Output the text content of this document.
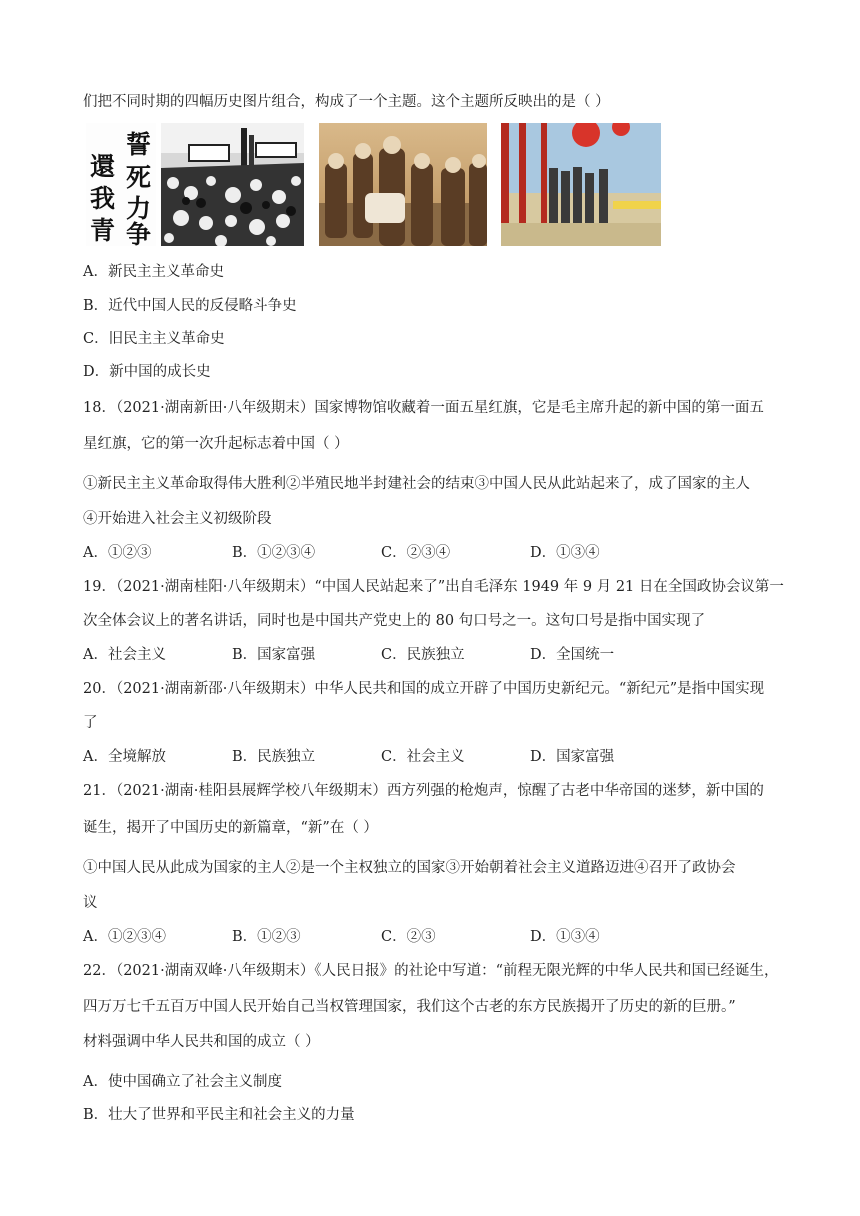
们把不同时期的四幅历史图片组合，构成了一个主题。这个主题所反映出的是（ ）
誓
死
力
争
還
我
青
A．新民主主义革命史
B．近代中国人民的反侵略斗争史
C．旧民主主义革命史
D．新中国的成长史
18．（2021·湖南新田·八年级期末）国家博物馆收藏着一面五星红旗，它是毛主席升起的新中国的第一面五
星红旗，它的第一次升起标志着中国（ ）
①新民主主义革命取得伟大胜利②半殖民地半封建社会的结束③中国人民从此站起来了，成了国家的主人
④开始进入社会主义初级阶段
A．①②③	B．①②③④	C．②③④	D．①③④
19．（2021·湖南桂阳·八年级期末）“中国人民站起来了”出自毛泽东 1949 年 9 月 21 日在全国政协会议第一
次全体会议上的著名讲话，同时也是中国共产党史上的 80 句口号之一。这句口号是指中国实现了
A．社会主义	B．国家富强	C．民族独立	D．全国统一
20．（2021·湖南新邵·八年级期末）中华人民共和国的成立开辟了中国历史新纪元。“新纪元”是指中国实现
了
A．全境解放	B．民族独立	C．社会主义	D．国家富强
21．（2021·湖南·桂阳县展辉学校八年级期末）西方列强的枪炮声，惊醒了古老中华帝国的迷梦，新中国的
诞生，揭开了中国历史的新篇章，“新”在（ ）
①中国人民从此成为国家的主人②是一个主权独立的国家③开始朝着社会主义道路迈进④召开了政协会
议
A．①②③④	B．①②③	C．②③	D．①③④
22．（2021·湖南双峰·八年级期末）《人民日报》的社论中写道：“前程无限光辉的中华人民共和国已经诞生，
四万万七千五百万中国人民开始自己当权管理国家，我们这个古老的东方民族揭开了历史的新的巨册。”
材料强调中华人民共和国的成立（ ）
A．使中国确立了社会主义制度
B．壮大了世界和平民主和社会主义的力量
